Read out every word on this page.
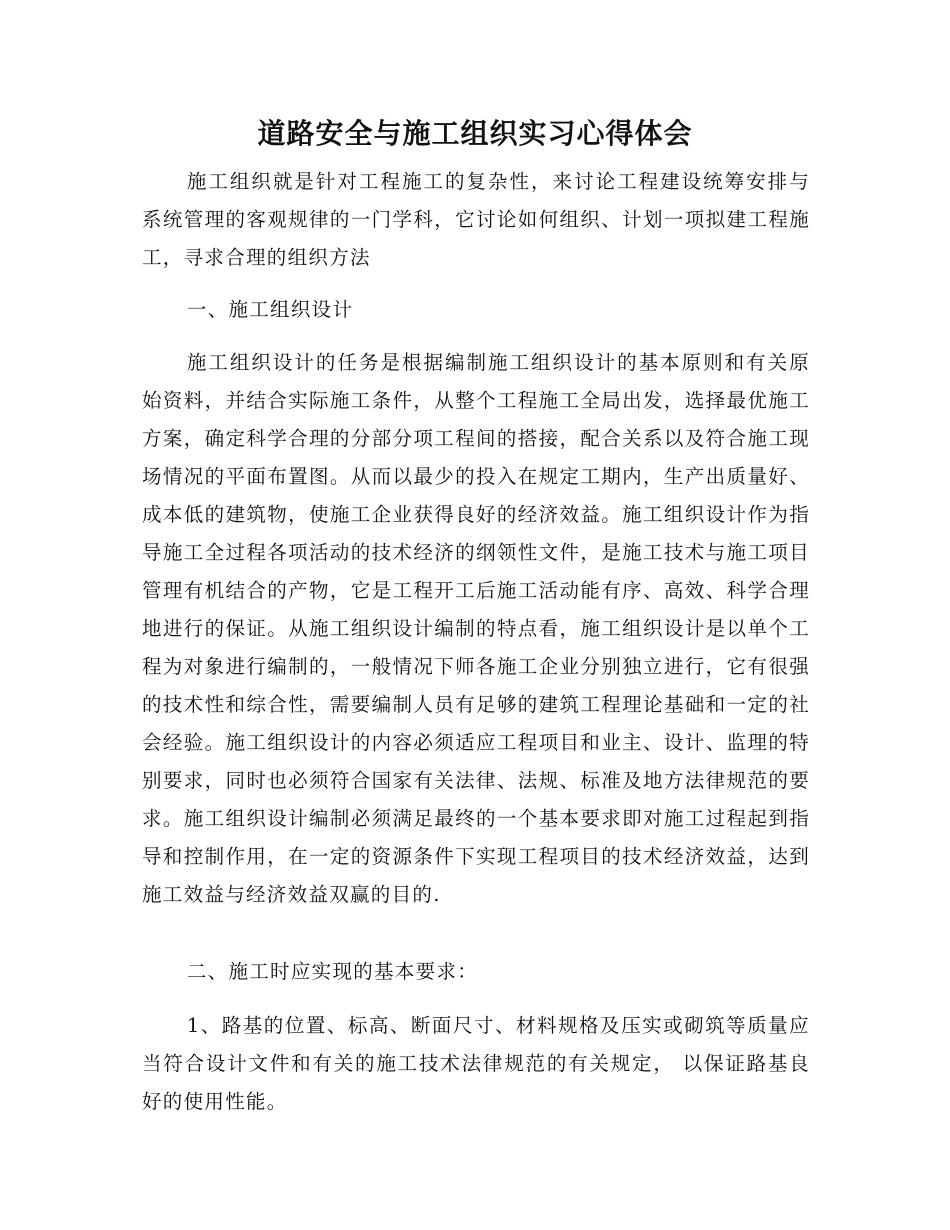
道路安全与施工组织实习心得体会

施工组织就是针对工程施工的复杂性，来讨论工程建设统筹安排与系统管理的客观规律的一门学科，它讨论如何组织、计划一项拟建工程施工，寻求合理的组织方法

一、施工组织设计

施工组织设计的任务是根据编制施工组织设计的基本原则和有关原始资料，并结合实际施工条件，从整个工程施工全局出发，选择最优施工方案，确定科学合理的分部分项工程间的搭接，配合关系以及符合施工现场情况的平面布置图。从而以最少的投入在规定工期内，生产出质量好、成本低的建筑物，使施工企业获得良好的经济效益。施工组织设计作为指导施工全过程各项活动的技术经济的纲领性文件，是施工技术与施工项目管理有机结合的产物，它是工程开工后施工活动能有序、高效、科学合理地进行的保证。从施工组织设计编制的特点看，施工组织设计是以单个工程为对象进行编制的，一般情况下师各施工企业分别独立进行，它有很强的技术性和综合性，需要编制人员有足够的建筑工程理论基础和一定的社会经验。施工组织设计的内容必须适应工程项目和业主、设计、监理的特别要求，同时也必须符合国家有关法律、法规、标准及地方法律规范的要求。施工组织设计编制必须满足最终的一个基本要求即对施工过程起到指导和控制作用，在一定的资源条件下实现工程项目的技术经济效益，达到施工效益与经济效益双赢的目的.

二、施工时应实现的基本要求：

1、路基的位置、标高、断面尺寸、材料规格及压实或砌筑等质量应当符合设计文件和有关的施工技术法律规范的有关规定， 以保证路基良好的使用性能。
